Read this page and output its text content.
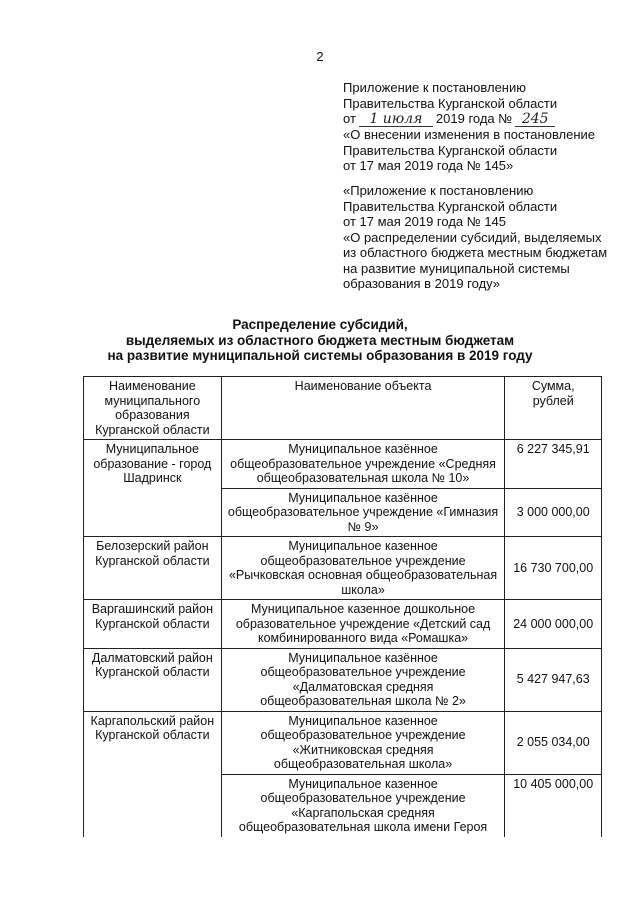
2
Приложение к постановлению
Правительства Курганской области
от 1 июля 2019 года № 245
«О внесении изменения в постановление
Правительства Курганской области
от 17 мая 2019 года № 145»
«Приложение к постановлению
Правительства Курганской области
от 17 мая 2019 года № 145
«О распределении субсидий, выделяемых
из областного бюджета местным бюджетам
на развитие муниципальной системы
образования в 2019 году»
Распределение субсидий,
выделяемых из областного бюджета местным бюджетам
на развитие муниципальной системы образования в 2019 году
Наименование
муниципального
образования
Курганской области	Наименование объекта	Сумма,
рублей

Муниципальное
образование - город
Шадринск	Муниципальное казённое
общеобразовательное учреждение «Средняя
общеобразовательная школа № 10»	6 227 345,91

	Муниципальное казённое
общеобразовательное учреждение «Гимназия
№ 9»	3 000 000,00

Белозерский район
Курганской области	Муниципальное казенное
общеобразовательное учреждение
«Рычковская основная общеобразовательная
школа»	16 730 700,00

Варгашинский район
Курганской области	Муниципальное казенное дошкольное
образовательное учреждение «Детский сад
комбинированного вида «Ромашка»	24 000 000,00

Далматовский район
Курганской области	Муниципальное казённое
общеобразовательное учреждение
«Далматовская средняя
общеобразовательная школа № 2»	5 427 947,63

Каргапольский район
Курганской области	Муниципальное казенное
общеобразовательное учреждение
«Житниковская средняя
общеобразовательная школа»	2 055 034,00

	Муниципальное казенное
общеобразовательное учреждение
«Каргапольская средняя
общеобразовательная школа имени Героя	10 405 000,00
